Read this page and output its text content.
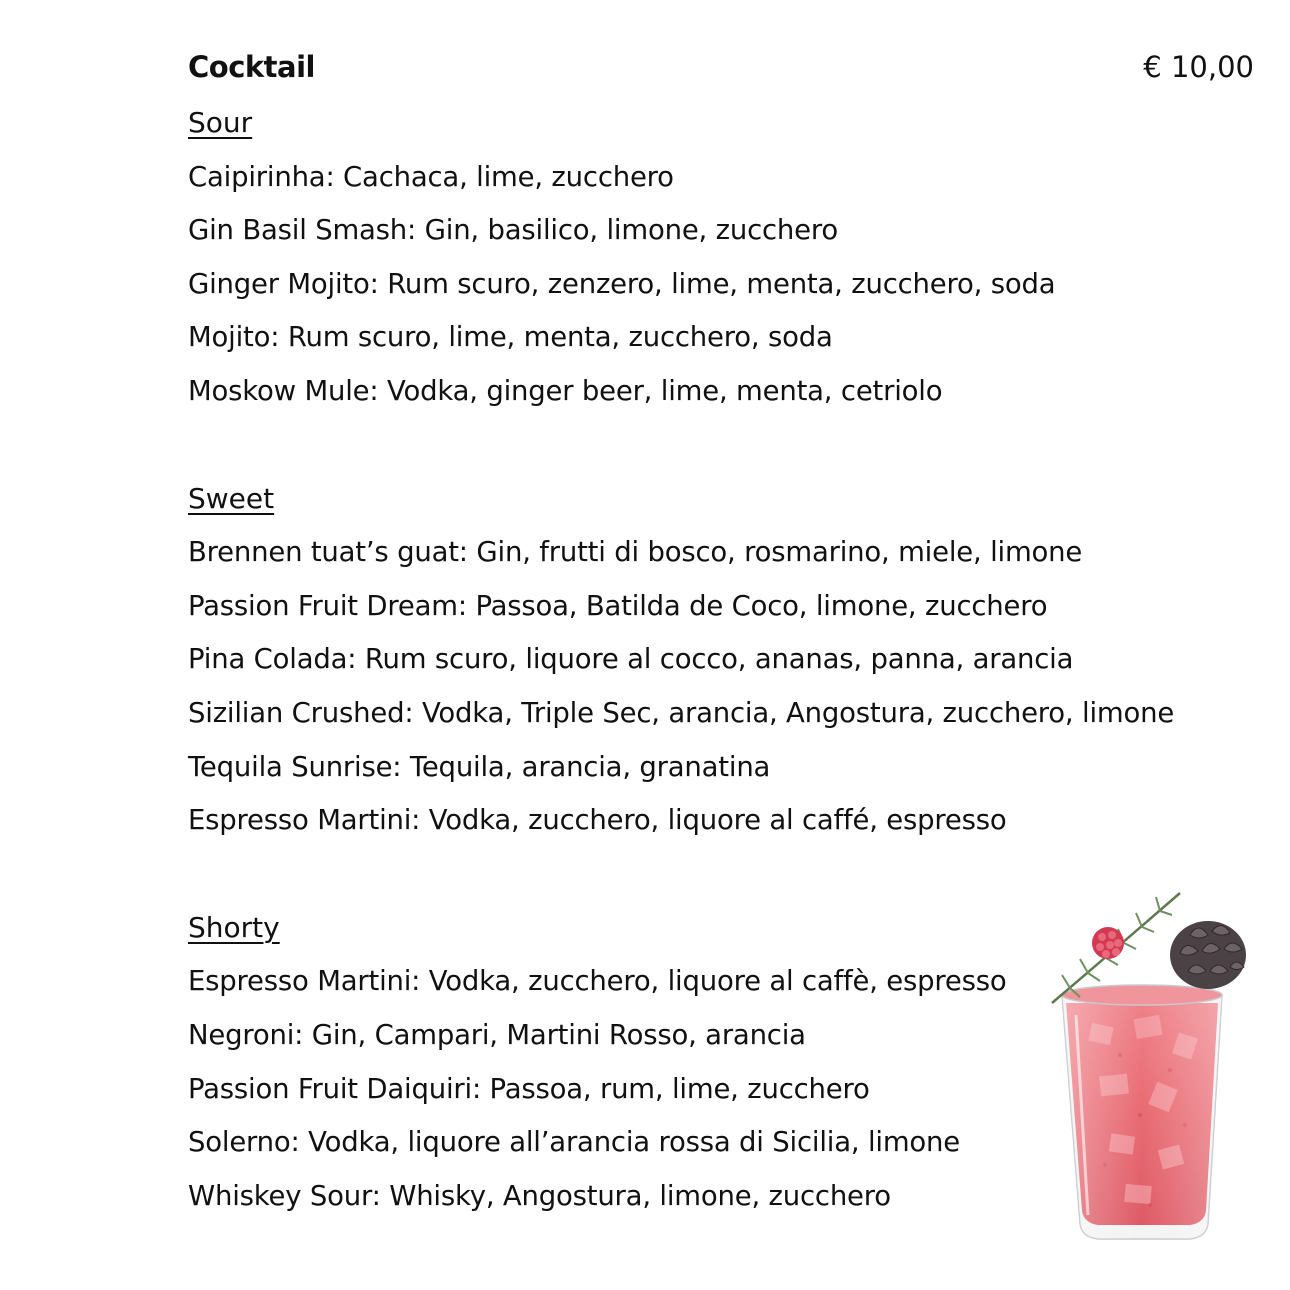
Cocktail	€ 10,00
Sour
Caipirinha: Cachaca, lime, zucchero
Gin Basil Smash: Gin, basilico, limone, zucchero
Ginger Mojito: Rum scuro, zenzero, lime, menta, zucchero, soda
Mojito: Rum scuro, lime, menta, zucchero, soda
Moskow Mule: Vodka, ginger beer, lime, menta, cetriolo
Sweet
Brennen tuat’s guat: Gin, frutti di bosco, rosmarino, miele, limone
Passion Fruit Dream: Passoa, Batilda de Coco, limone, zucchero
Pina Colada: Rum scuro, liquore al cocco, ananas, panna, arancia
Sizilian Crushed: Vodka, Triple Sec, arancia, Angostura, zucchero, limone
Tequila Sunrise: Tequila, arancia, granatina
Espresso Martini: Vodka, zucchero, liquore al caffé, espresso
Shorty
Espresso Martini: Vodka, zucchero, liquore al caffè, espresso
Negroni: Gin, Campari, Martini Rosso, arancia
Passion Fruit Daiquiri: Passoa, rum, lime, zucchero
Solerno: Vodka, liquore all’arancia rossa di Sicilia, limone
Whiskey Sour: Whisky, Angostura, limone, zucchero
